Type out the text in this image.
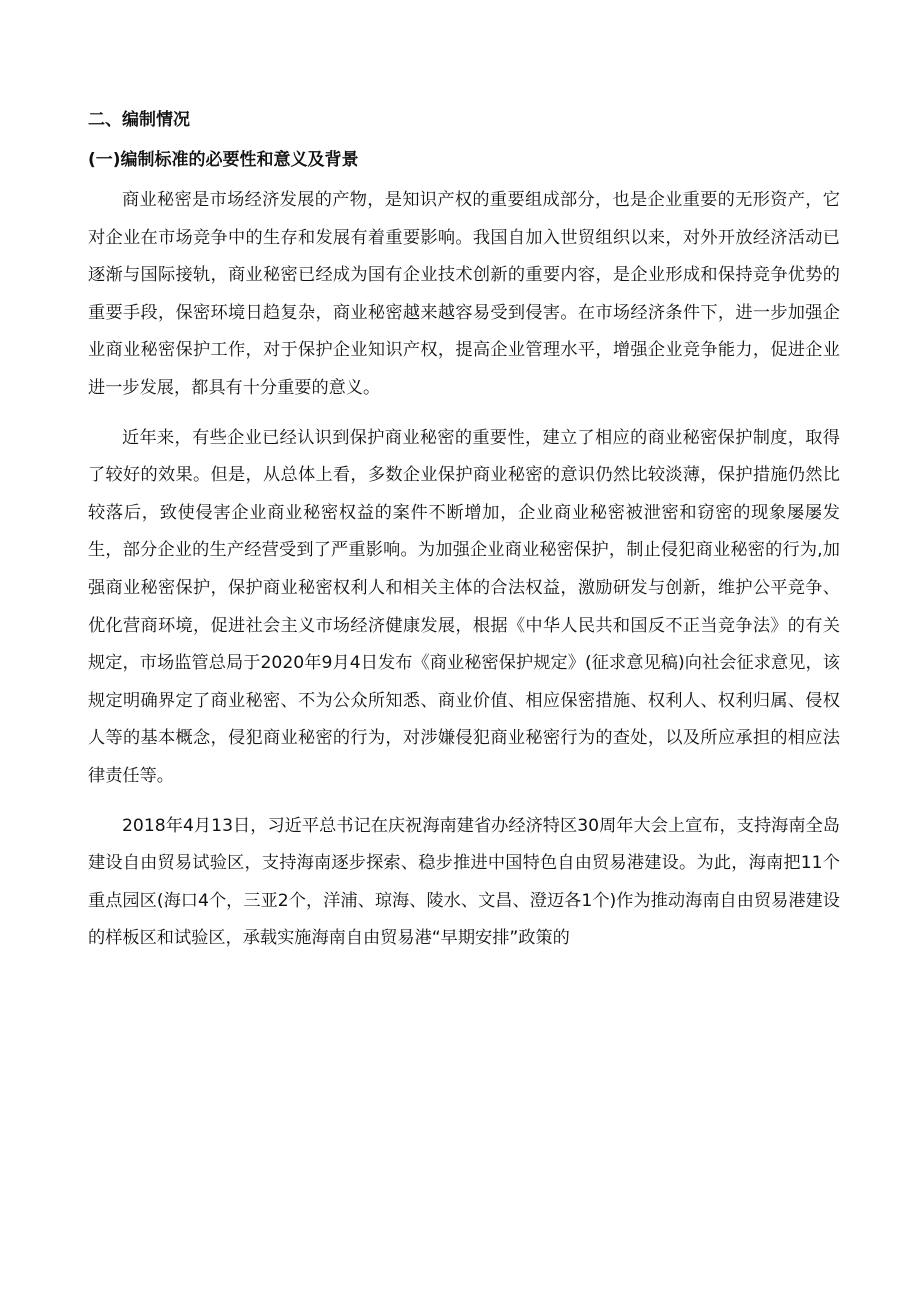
二、编制情况
(一)编制标准的必要性和意义及背景

商业秘密是市场经济发展的产物，是知识产权的重要组成部分，也是企业重要的无形资产，它对企业在市场竞争中的生存和发展有着重要影响。我国自加入世贸组织以来，对外开放经济活动已逐渐与国际接轨，商业秘密已经成为国有企业技术创新的重要内容，是企业形成和保持竞争优势的重要手段，保密环境日趋复杂，商业秘密越来越容易受到侵害。在市场经济条件下，进一步加强企业商业秘密保护工作，对于保护企业知识产权，提高企业管理水平，增强企业竞争能力，促进企业进一步发展，都具有十分重要的意义。

近年来，有些企业已经认识到保护商业秘密的重要性，建立了相应的商业秘密保护制度，取得了较好的效果。但是，从总体上看，多数企业保护商业秘密的意识仍然比较淡薄，保护措施仍然比较落后，致使侵害企业商业秘密权益的案件不断增加，企业商业秘密被泄密和窃密的现象屡屡发生，部分企业的生产经营受到了严重影响。为加强企业商业秘密保护，制止侵犯商业秘密的行为,加强商业秘密保护，保护商业秘密权利人和相关主体的合法权益，激励研发与创新，维护公平竞争、优化营商环境，促进社会主义市场经济健康发展，根据《中华人民共和国反不正当竞争法》的有关规定，市场监管总局于2020年9月4日发布《商业秘密保护规定》(征求意见稿)向社会征求意见，该规定明确界定了商业秘密、不为公众所知悉、商业价值、相应保密措施、权利人、权利归属、侵权人等的基本概念，侵犯商业秘密的行为，对涉嫌侵犯商业秘密行为的查处，以及所应承担的相应法律责任等。

2018年4月13日，习近平总书记在庆祝海南建省办经济特区30周年大会上宣布，支持海南全岛建设自由贸易试验区，支持海南逐步探索、稳步推进中国特色自由贸易港建设。为此，海南把11个重点园区(海口4个，三亚2个，洋浦、琼海、陵水、文昌、澄迈各1个)作为推动海南自由贸易港建设的样板区和试验区，承载实施海南自由贸易港“早期安排”政策的
